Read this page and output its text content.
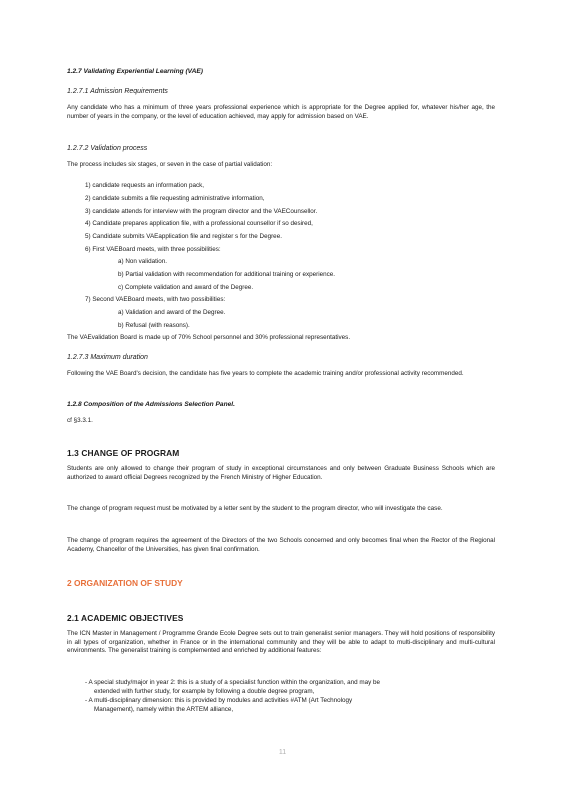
1.2.7 Validating Experiential Learning (VAE)
1.2.7.1 Admission Requirements
Any candidate who has a minimum of three years professional experience which is appropriate for the Degree applied for, whatever his/her age, the number of years in the company, or the level of education achieved, may apply for admission based on VAE.
1.2.7.2 Validation process
The process includes six stages, or seven in the case of partial validation:
1) candidate requests an information pack,
2) candidate submits a file requesting administrative information,
3) candidate attends for interview with the program director and the VAECounsellor.
4) Candidate prepares application file, with a professional counsellor if so desired,
5) Candidate submits VAEapplication file and register s for the Degree.
6) First VAEBoard meets, with three possibilities:
a) Non validation.
b) Partial validation with recommendation for additional training or experience.
c) Complete validation and award of the Degree.
7) Second VAEBoard meets, with two possibilities:
a) Validation and award of the Degree.
b) Refusal (with reasons).
The VAEvalidation Board is made up of 70% School personnel and 30% professional representatives.
1.2.7.3 Maximum duration
Following the VAE Board's decision, the candidate has five years to complete the academic training and/or professional activity recommended.
1.2.8 Composition of the Admissions Selection Panel.
cf §3.3.1.
1.3 CHANGE OF PROGRAM
Students are only allowed to change their program of study in exceptional circumstances and only between Graduate Business Schools which are authorized to award official Degrees recognized by the French Ministry of Higher Education.
The change of program request must be motivated by a letter sent by the student to the program director, who will investigate the case.
The change of program requires the agreement of the Directors of the two Schools concerned and only becomes final when the Rector of the Regional Academy, Chancellor of the Universities, has given final confirmation.
2 ORGANIZATION OF STUDY
2.1 ACADEMIC OBJECTIVES
The ICN Master in Management / Programme Grande Ecole Degree sets out to train generalist senior managers. They will hold positions of responsibility in all types of organization, whether in France or in the international community and they will be able to adapt to multi-disciplinary and multi-cultural environments. The generalist training is complemented and enriched by additional features:
- A special study/major in year 2: this is a study of a specialist function within the organization, and may be
extended with further study, for example by following a double degree program,
- A multi-disciplinary dimension: this is provided by modules and activities #ATM (Art Technology
Management), namely within the ARTEM alliance,
11
